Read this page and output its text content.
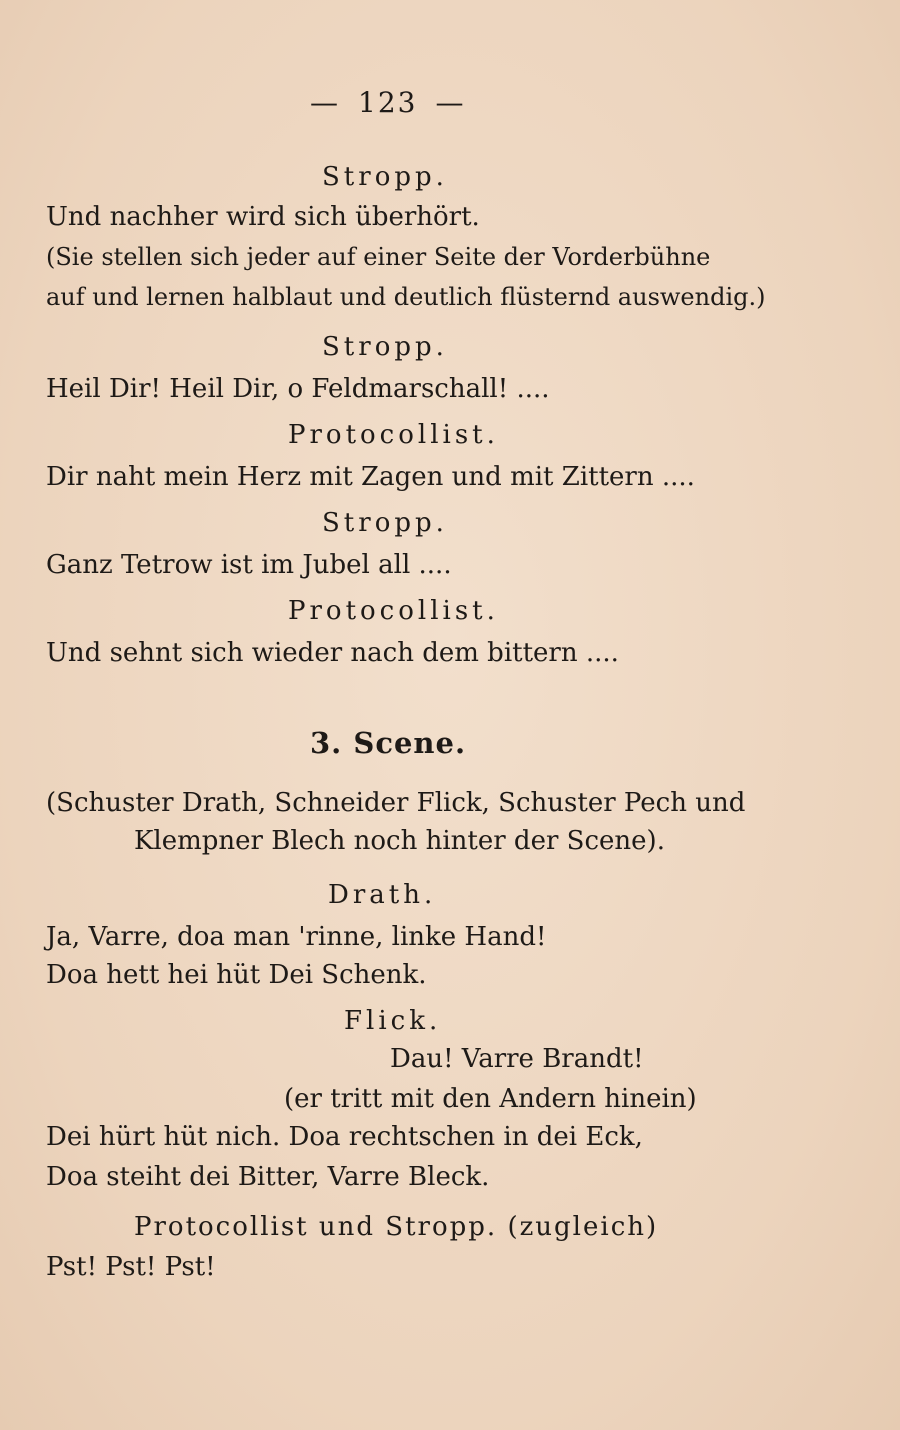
— 123 —
Stropp.
Und nachher wird sich überhört.
(Sie stellen sich jeder auf einer Seite der Vorderbühne
auf und lernen halblaut und deutlich flüsternd auswendig.)
Stropp.
Heil Dir! Heil Dir, o Feldmarschall! ....
Protocollist.
Dir naht mein Herz mit Zagen und mit Zittern ....
Stropp.
Ganz Tetrow ist im Jubel all ....
Protocollist.
Und sehnt sich wieder nach dem bittern ....
3. Scene.
(Schuster Drath, Schneider Flick, Schuster Pech und
Klempner Blech noch hinter der Scene).
Drath.
Ja, Varre, doa man 'rinne, linke Hand!
Doa hett hei hüt Dei Schenk.
Flick.
Dau! Varre Brandt!
(er tritt mit den Andern hinein)
Dei hürt hüt nich. Doa rechtschen in dei Eck,
Doa steiht dei Bitter, Varre Bleck.
Protocollist und Stropp. (zugleich)
Pst! Pst! Pst!
